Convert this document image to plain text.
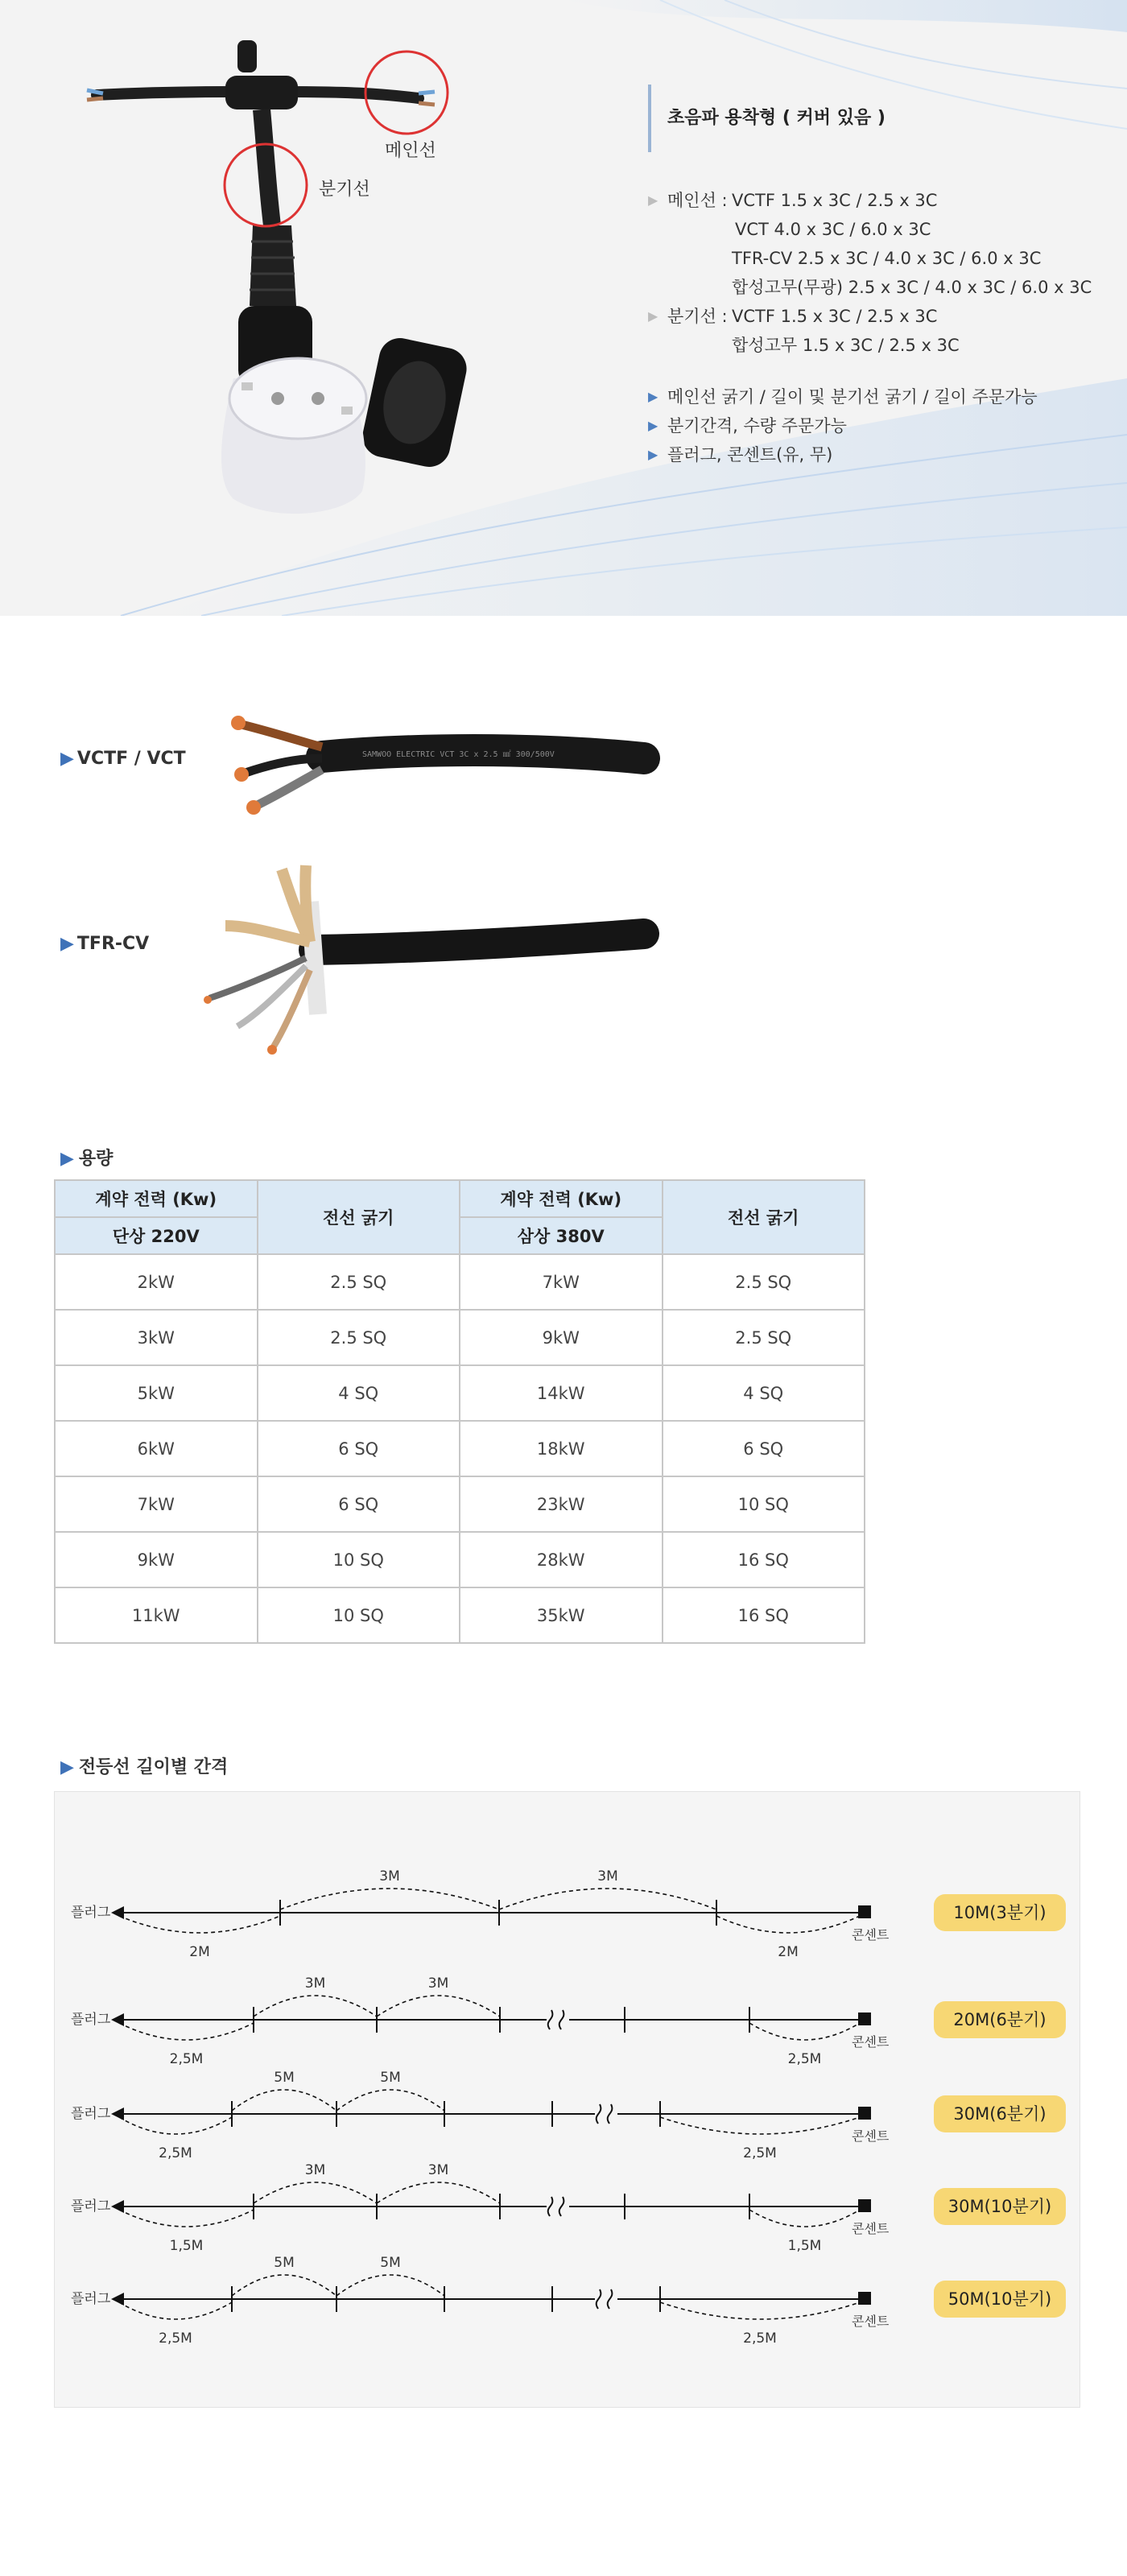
메인선
분기선
초음파 용착형 ( 커버 있음 )
▶ 메인선 : VCTF 1.5 x 3C / 2.5 x 3C
VCT 4.0 x 3C / 6.0 x 3C
TFR-CV 2.5 x 3C / 4.0 x 3C / 6.0 x 3C
합성고무(무광) 2.5 x 3C / 4.0 x 3C / 6.0 x 3C
▶ 분기선 : VCTF 1.5 x 3C / 2.5 x 3C
합성고무 1.5 x 3C / 2.5 x 3C
▶ 메인선 굵기 / 길이 및 분기선 굵기 / 길이 주문가능
▶ 분기간격, 수량 주문가능
▶ 플러그, 콘센트(유, 무)
▶ VCTF / VCT	SAMWOO ELECTRIC VCT 3C x 2.5 ㎟ 300/500V
▶ TFR-CV
▶ 용량
계약 전력 (Kw)	전선 굵기	계약 전력 (Kw)	전선 굵기
단상 220V		삼상 380V	
2kW	2.5 SQ	7kW	2.5 SQ
3kW	2.5 SQ	9kW	2.5 SQ
5kW	4 SQ	14kW	4 SQ
6kW	6 SQ	18kW	6 SQ
7kW	6 SQ	23kW	10 SQ
9kW	10 SQ	28kW	16 SQ
11kW	10 SQ	35kW	16 SQ
▶ 전등선 길이별 간격
플러그
콘센트
2M
3M	3M
2M
10M(3분기)
플러그
콘센트
2,5M
3M	3M
2,5M
20M(6분기)
플러그
콘센트
2,5M
5M	5M
2,5M
30M(6분기)
플러그
콘센트
1,5M
3M	3M
1,5M
30M(10분기)
플러그
콘센트
2,5M
5M	5M
2,5M
50M(10분기)
